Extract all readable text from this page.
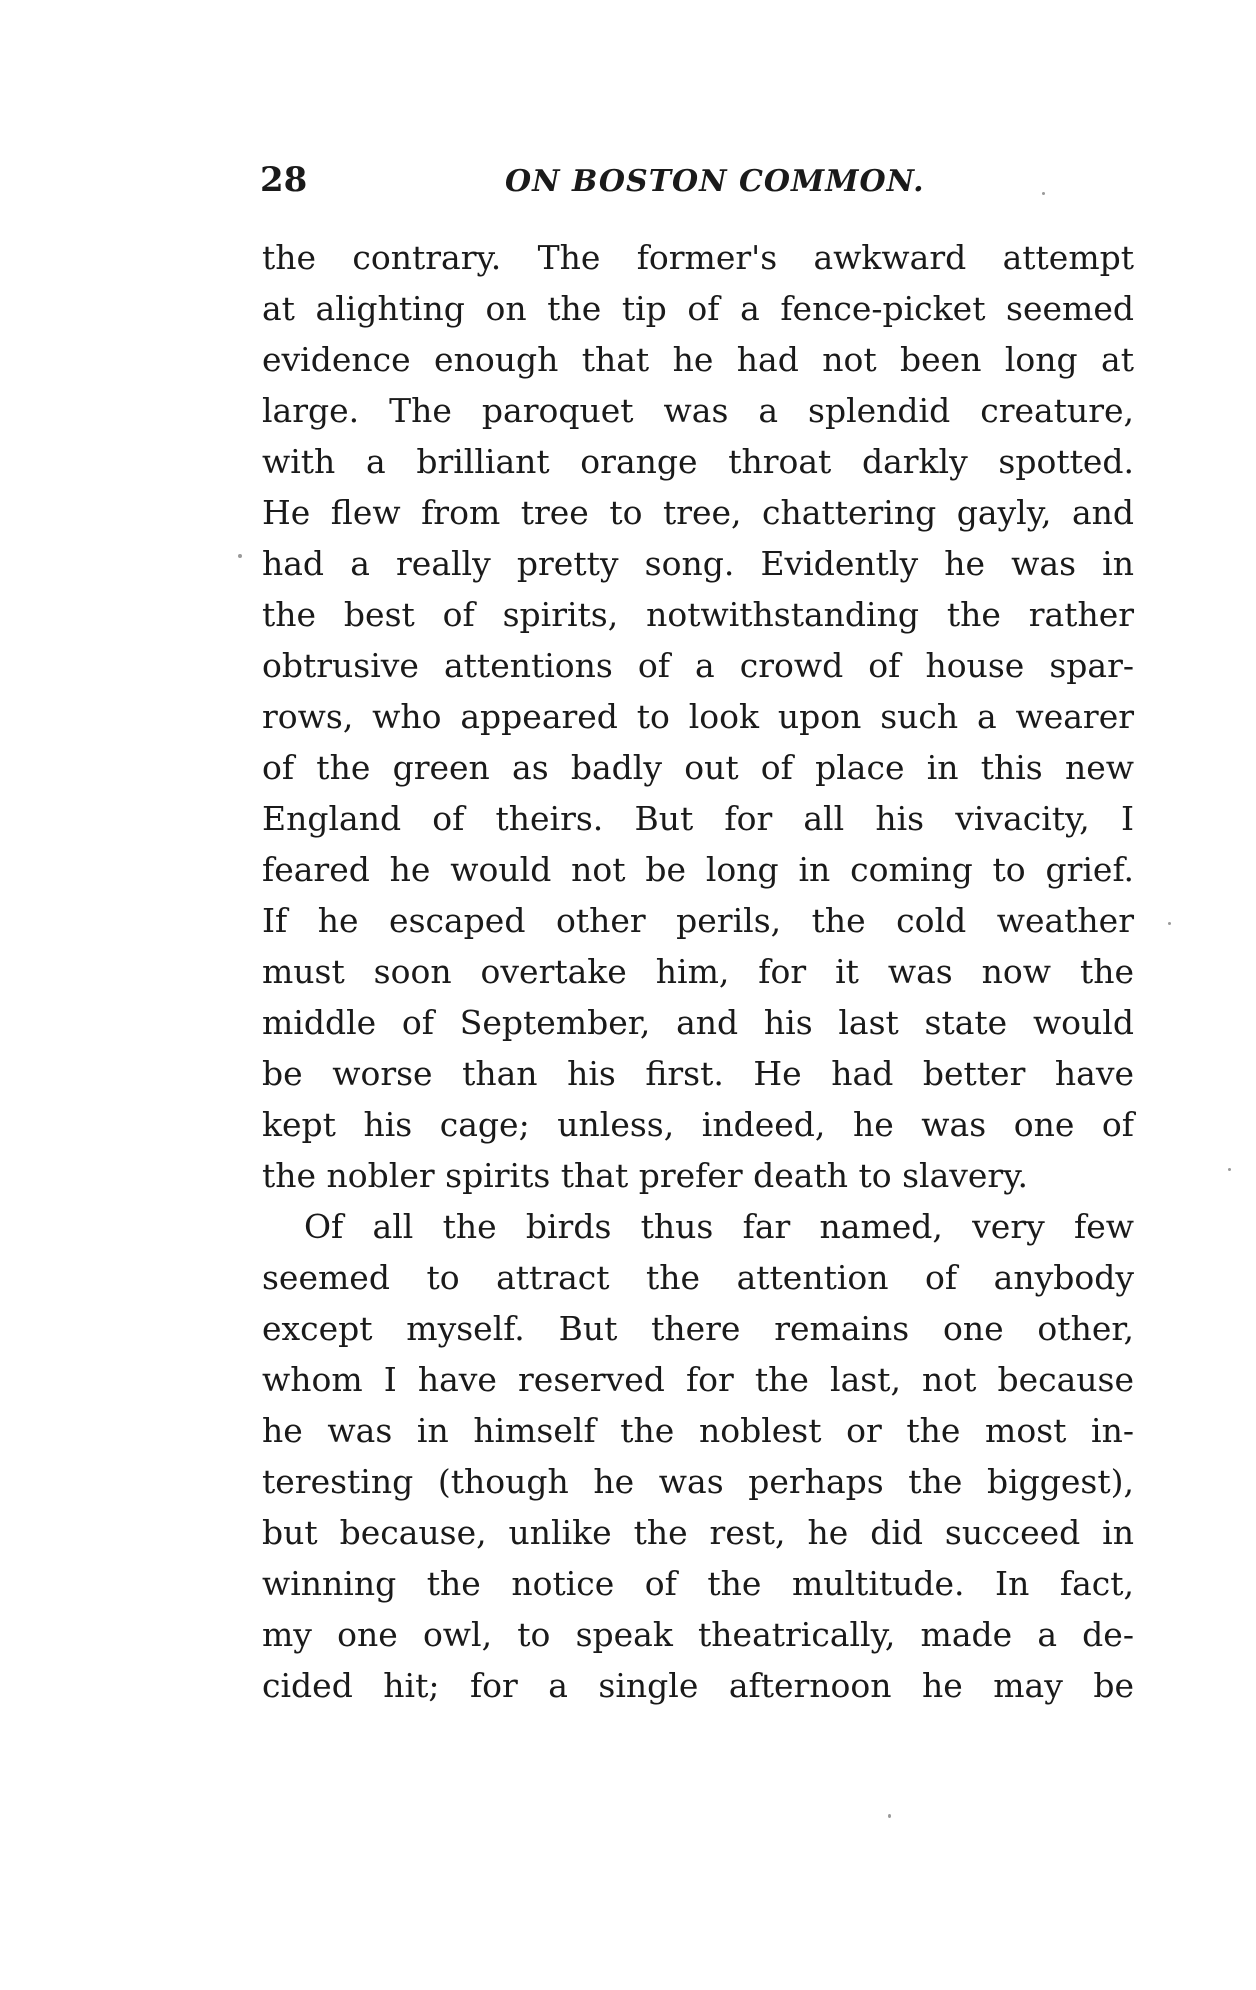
28	ON BOSTON COMMON.
the contrary. The former's awkward attempt
at alighting on the tip of a fence-picket seemed
evidence enough that he had not been long at
large. The paroquet was a splendid creature,
with a brilliant orange throat darkly spotted.
He flew from tree to tree, chattering gayly, and
had a really pretty song. Evidently he was in
the best of spirits, notwithstanding the rather
obtrusive attentions of a crowd of house spar-
rows, who appeared to look upon such a wearer
of the green as badly out of place in this new
England of theirs. But for all his vivacity, I
feared he would not be long in coming to grief.
If he escaped other perils, the cold weather
must soon overtake him, for it was now the
middle of September, and his last state would
be worse than his first. He had better have
kept his cage; unless, indeed, he was one of
the nobler spirits that prefer death to slavery.
Of all the birds thus far named, very few
seemed to attract the attention of anybody
except myself. But there remains one other,
whom I have reserved for the last, not because
he was in himself the noblest or the most in-
teresting (though he was perhaps the biggest),
but because, unlike the rest, he did succeed in
winning the notice of the multitude. In fact,
my one owl, to speak theatrically, made a de-
cided hit; for a single afternoon he may be
